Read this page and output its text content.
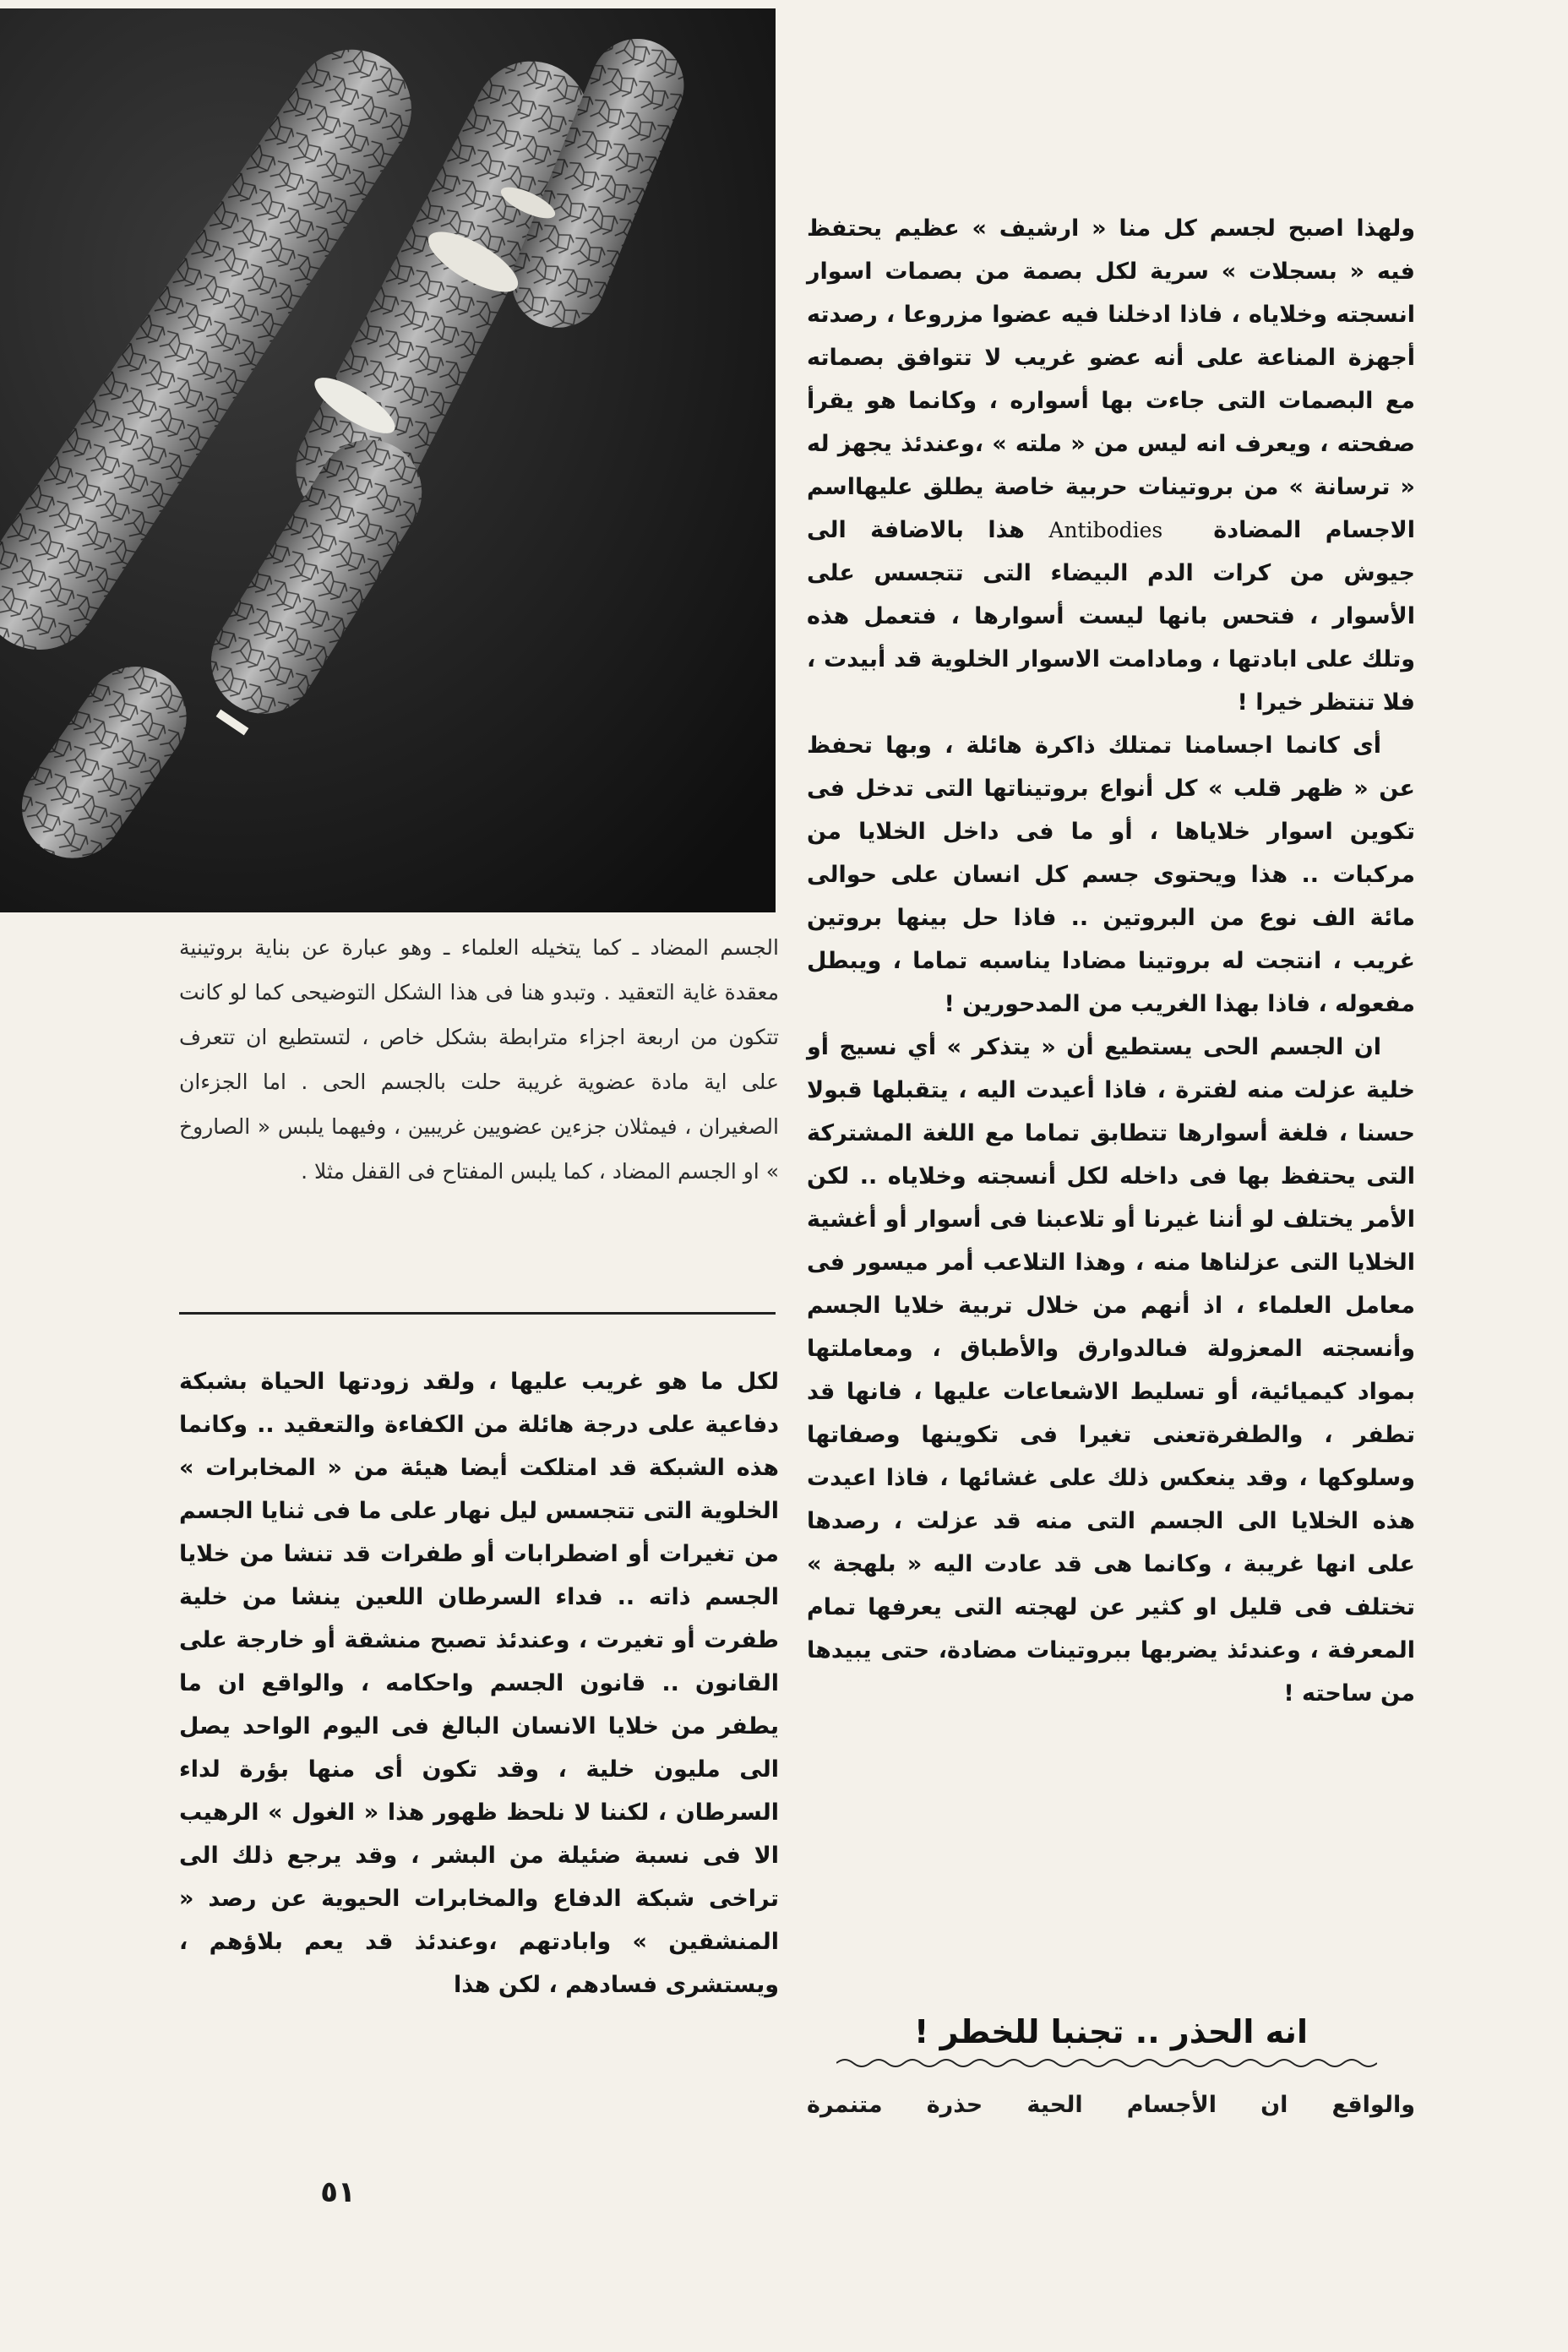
الجسم المضاد ـ كما يتخيله العلماء ـ وهو عبارة عن بناية بروتينية معقدة غاية التعقيد . وتبدو هنا فى هذا الشكل التوضيحى كما لو كانت تتكون من اربعة اجزاء مترابطة بشكل خاص ، لتستطيع ان تتعرف على اية مادة عضوية غريبة حلت بالجسم الحى . اما الجزءان الصغيران ، فيمثلان جزءين عضويين غريبين ، وفيهما يلبس « الصاروخ » او الجسم المضاد ، كما يلبس المفتاح فى القفل مثلا .

ولهذا اصبح لجسم كل منا « ارشيف » عظيم يحتفظ فيه « بسجلات » سرية لكل بصمة من بصمات اسوار انسجته وخلاياه ، فاذا ادخلنا فيه عضوا مزروعا ، رصدته أجهزة المناعة على أنه عضو غريب لا تتوافق بصماته مع البصمات التى جاءت بها أسواره ، وكانما هو يقرأ صفحته ، ويعرف انه ليس من « ملته » ،وعندئذ يجهز له « ترسانة » من بروتينات حربية خاصة يطلق عليهااسم الاجسام المضادةAntibodies هذا بالاضافة الى جيوش من كرات الدم البيضاء التى تتجسس على الأسوار ، فتحس بانها ليست أسوارها ، فتعمل هذه وتلك على ابادتها ، ومادامت الاسوار الخلوية قد أبيدت ، فلا تنتظر خيرا !

أى كانما اجسامنا تمتلك ذاكرة هائلة ، وبها تحفظ عن « ظهر قلب » كل أنواع بروتيناتها التى تدخل فى تكوين اسوار خلاياها ، أو ما فى داخل الخلايا من مركبات .. هذا ويحتوى جسم كل انسان على حوالى مائة الف نوع من البروتين .. فاذا حل بينها بروتين غريب ، انتجت له بروتينا مضادا يناسبه تماما ، ويبطل مفعوله ، فاذا بهذا الغريب من المدحورين !

ان الجسم الحى يستطيع أن « يتذكر » أي نسيج أو خلية عزلت منه لفترة ، فاذا أعيدت اليه ، يتقبلها قبولا حسنا ، فلغة أسوارها تتطابق تماما مع اللغة المشتركة التى يحتفظ بها فى داخله لكل أنسجته وخلاياه .. لكن الأمر يختلف لو أننا غيرنا أو تلاعبنا فى أسوار أو أغشية الخلايا التى عزلناها منه ، وهذا التلاعب أمر ميسور فى معامل العلماء ، اذ أنهم من خلال تربية خلايا الجسم وأنسجته المعزولة فىالدوارق والأطباق ، ومعاملتها بمواد كيميائية، أو تسليط الاشعاعات عليها ، فانها قد تطفر ، والطفرةتعنى تغيرا فى تكوينها وصفاتها وسلوكها ، وقد ينعكس ذلك على غشائها ، فاذا اعيدت هذه الخلايا الى الجسم التى منه قد عزلت ، رصدها على انها غريبة ، وكانما هى قد عادت اليه « بلهجة » تختلف فى قليل او كثير عن لهجته التى يعرفها تمام المعرفة ، وعندئذ يضربها ببروتينات مضادة، حتى يبيدها من ساحته !

انه الحذر .. تجنبا للخطر !
والواقع ان الأجسام الحية حذرة متنمرة

لكل ما هو غريب عليها ، ولقد زودتها الحياة بشبكة دفاعية على درجة هائلة من الكفاءة والتعقيد .. وكانما هذه الشبكة قد امتلكت أيضا هيئة من « المخابرات » الخلوية التى تتجسس ليل نهار على ما فى ثنايا الجسم من تغيرات أو اضطرابات أو طفرات قد تنشا من خلايا الجسم ذاته .. فداء السرطان اللعين ينشا من خلية طفرت أو تغيرت ، وعندئذ تصبح منشقة أو خارجة على القانون .. قانون الجسم واحكامه ، والواقع ان ما يطفر من خلايا الانسان البالغ فى اليوم الواحد يصل الى مليون خلية ، وقد تكون أى منها بؤرة لداء السرطان ، لكننا لا نلحظ ظهور هذا « الغول » الرهيب الا فى نسبة ضئيلة من البشر ، وقد يرجع ذلك الى تراخى شبكة الدفاع والمخابرات الحيوية عن رصد « المنشقين » وابادتهم ،وعندئذ قد يعم بلاؤهم ، ويستشرى فسادهم ، لكن هذا

٥١
